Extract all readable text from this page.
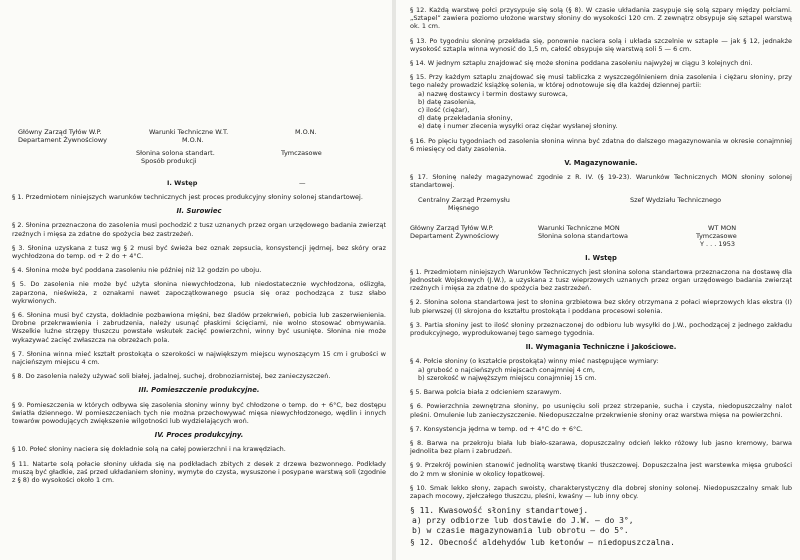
Główny Zarząd Tyłów W.P.	Warunki Techniczne W.T.	M.O.N.
Departament Żywnościowy	M.O.N.
Słonina solona standart.	Tymczasowe
Sposób produkcji
I. Wstęp	—

§ 1. Przedmiotem niniejszych warunków technicznych jest proces produkcyjny słoniny solonej standartowej.

II. Surowiec

§ 2. Słonina przeznaczona do zasolenia musi pochodzić z tusz uznanych przez organ urzędowego badania zwierząt rzeźnych i mięsa za zdatne do spożycia bez zastrzeżeń.

§ 3. Słonina uzyskana z tusz wg § 2 musi być świeża bez oznak zepsucia, konsystencji jędrnej, bez skóry oraz wychłodzona do temp. od + 2 do + 4°C.

§ 4. Słonina może być poddana zasoleniu nie później niż 12 godzin po uboju.

§ 5. Do zasolenia nie może być użyta słonina niewychłodzona, lub niedostatecznie wychłodzona, oślizgła, zaparzona, nieświeża, z oznakami nawet zapoczątkowanego psucia się oraz pochodząca z tusz słabo wykrwionych.

§ 6. Słonina musi być czysta, dokładnie pozbawiona mięśni, bez śladów przekrwień, pobicia lub zaszerwienienia. Drobne przekrwawienia i zabrudzenia, należy usunąć płaskimi ścięciami, nie wolno stosować obmywania. Wszelkie luźne strzępy tłuszczu powstałe wskutek zacięć powierzchni, winny być usunięte. Słonina nie może wykazywać zacięć zwłaszcza na obrzeżach pola.

§ 7. Słonina winna mieć kształt prostokąta o szerokości w największym miejscu wynoszącym 15 cm i grubości w najcieńszym miejscu 4 cm.

§ 8. Do zasolenia należy używać soli białej, jadalnej, suchej, drobnoziarnistej, bez zanieczyszczeń.

III. Pomieszczenie produkcyjne.

§ 9. Pomieszczenia w których odbywa się zasolenia słoniny winny być chłodzone o temp. do + 6°C, bez dostępu światła dziennego. W pomieszczeniach tych nie można przechowywać mięsa niewychłodzonego, wędlin i innych towarów powodujących zwiększenie wilgotności lub wydzielających woń.

IV. Proces produkcyjny.

§ 10. Połeć słoniny naciera się dokładnie solą na całej powierzchni i na krawędziach.

§ 11. Natarte solą połacie słoniny układa się na podkładach zbitych z desek z drzewa bezwonnego. Podkłady muszą być gładkie, zaś przed układaniem słoniny, wymyte do czysta, wysuszone i posypane warstwą soli (zgodnie z § 8) do wysokości około 1 cm.

§ 12. Każdą warstwę połci przysypuje się solą (§ 8). W czasie układania zasypuje się solą szpary między połciami. „Sztapel” zawiera poziomo ułożone warstwy słoniny do wysokości 120 cm. Z zewnątrz obsypuje się sztapel warstwą ok. 1 cm.

§ 13. Po tygodniu słoninę przekłada się, ponownie naciera solą i układa szczelnie w sztaple — jak § 12, jednakże wysokość sztapla winna wynosić do 1,5 m, całość obsypuje się warstwą soli 5 — 6 cm.

§ 14. W jednym sztaplu znajdować się może słonina poddana zasoleniu najwyżej w ciągu 3 kolejnych dni.

§ 15. Przy każdym sztaplu znajdować się musi tabliczka z wyszczególnieniem dnia zasolenia i ciężaru słoniny, przy tego należy prowadzić książkę solenia, w której odnotowuje się dla każdej dziennej partii:

a) nazwę dostawcy i termin dostawy surowca,
b) datę zasolenia,
c) ilość (ciężar),
d) datę przekładania słoniny,
e) datę i numer zlecenia wysyłki oraz ciężar wysłanej słoniny.

§ 16. Po pięciu tygodniach od zasolenia słonina winna być zdatna do dalszego magazynowania w okresie conajmniej 6 miesięcy od daty zasolenia.

V. Magazynowanie.

§ 17. Słoninę należy magazynować zgodnie z R. IV. (§ 19-23). Warunków Technicznych MON słoniny solonej standartowej.

Centralny Zarząd Przemysłu	Szef Wydziału Technicznego
Mięsnego
Główny Zarząd Tyłów W.P.	Warunki Techniczne MON	WT MON
Departament Żywnościowy	Słonina solona standartowa	Tymczasowe
Y . . . 1953
I. Wstęp

§ 1. Przedmiotem niniejszych Warunków Technicznych jest słonina solona standartowa przeznaczona na dostawę dla Jednostek Wojskowych (J.W.), a uzyskana z tusz wieprzowych uznanych przez organ urzędowego badania zwierząt rzeźnych i mięsa za zdatne do spożycia bez zastrzeżeń.

§ 2. Słonina solona standartowa jest to słonina grzbietowa bez skóry otrzymana z połaci wieprzowych klas ekstra (I) lub pierwszej (I) skrojona do kształtu prostokąta i poddana procesowi solenia.

§ 3. Partia słoniny jest to ilość słoniny przeznaczonej do odbioru lub wysyłki do J.W., pochodzącej z jednego zakładu produkcyjnego, wyprodukowanej tego samego tygodnia.

II. Wymagania Techniczne i Jakościowe.

§ 4. Połcie słoniny (o kształcie prostokąta) winny mieć następujące wymiary:

a) grubość o najcieńszych miejscach conajmniej 4 cm,
b) szerokość w najwęższym miejscu conajmniej 15 cm.

§ 5. Barwa połcia biała z odcieniem szarawym.

§ 6. Powierzchnia zewnętrzna słoniny, po usunięciu soli przez strzepanie, sucha i czysta, niedopuszczalny nalot pleśni. Omulenie lub zanieczyszczenie. Niedopuszczalne przekrwienie słoniny oraz warstwa mięsa na powierzchni.

§ 7. Konsystencja jędrna w temp. od + 4°C do + 6°C.

§ 8. Barwa na przekroju biała lub biało-szarawa, dopuszczalny odcień lekko różowy lub jasno kremowy, barwa jednolita bez plam i zabrudzeń.

§ 9. Przekrój powinien stanowić jednolitą warstwę tkanki tłuszczowej. Dopuszczalna jest warstewka mięsa grubości do 2 mm w słoninie w okolicy łopatkowej.

§ 10. Smak lekko słony, zapach swoisty, charakterystyczny dla dobrej słoniny solonej. Niedopuszczalny smak lub zapach mocowy, zjełczałego tłuszczu, pleśni, kwaśny — lub inny obcy.

§ 11. Kwasowość słoniny standartowej.
a) przy odbiorze lub dostawie do J.W. — do 3°,
b) w czasie magazynowania lub obrotu — do 5°.
§ 12. Obecność aldehydów lub ketonów — niedopuszczalna.
